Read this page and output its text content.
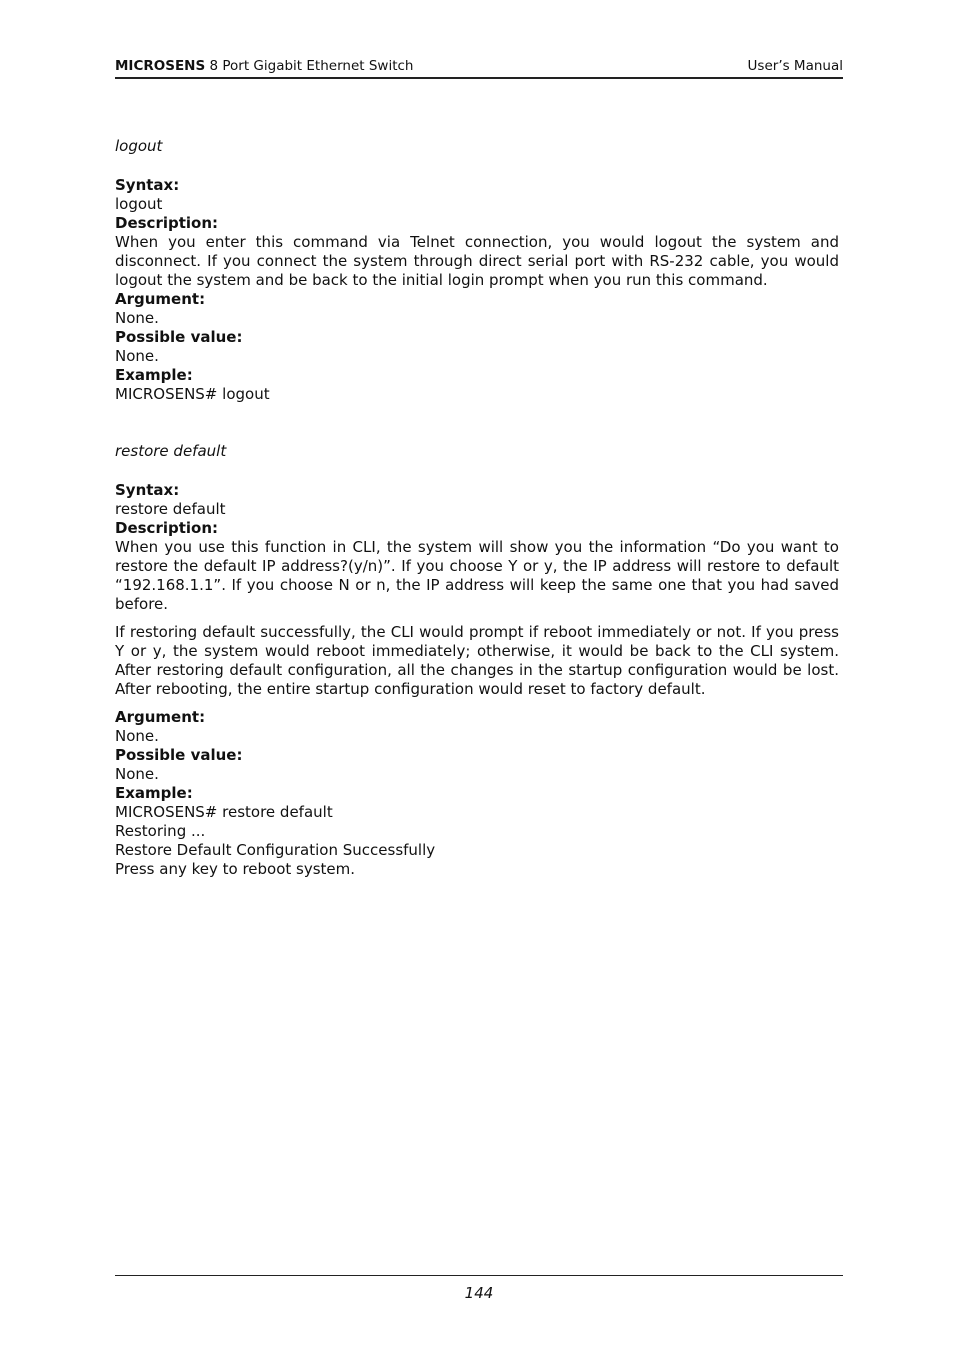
MICROSENS 8 Port Gigabit Ethernet Switch	User’s Manual

logout

Syntax:

logout

Description:

When you enter this command via Telnet connection, you would logout the system and disconnect. If you connect the system through direct serial port with RS-232 cable, you would logout the system and be back to the initial login prompt when you run this command.

Argument:

None.

Possible value:

None.

Example:

MICROSENS# logout

restore default

Syntax:

restore default

Description:

When you use this function in CLI, the system will show you the information “Do you want to restore the default IP address?(y/n)”. If you choose Y or y, the IP address will restore to default “192.168.1.1”. If you choose N or n, the IP address will keep the same one that you had saved before.

If restoring default successfully, the CLI would prompt if reboot immediately or not. If you press Y or y, the system would reboot immediately; otherwise, it would be back to the CLI system. After restoring default configuration, all the changes in the startup configuration would be lost. After rebooting, the entire startup configuration would reset to factory default.

Argument:

None.

Possible value:

None.

Example:

MICROSENS# restore default

Restoring ...

Restore Default Configuration Successfully

Press any key to reboot system.

144
